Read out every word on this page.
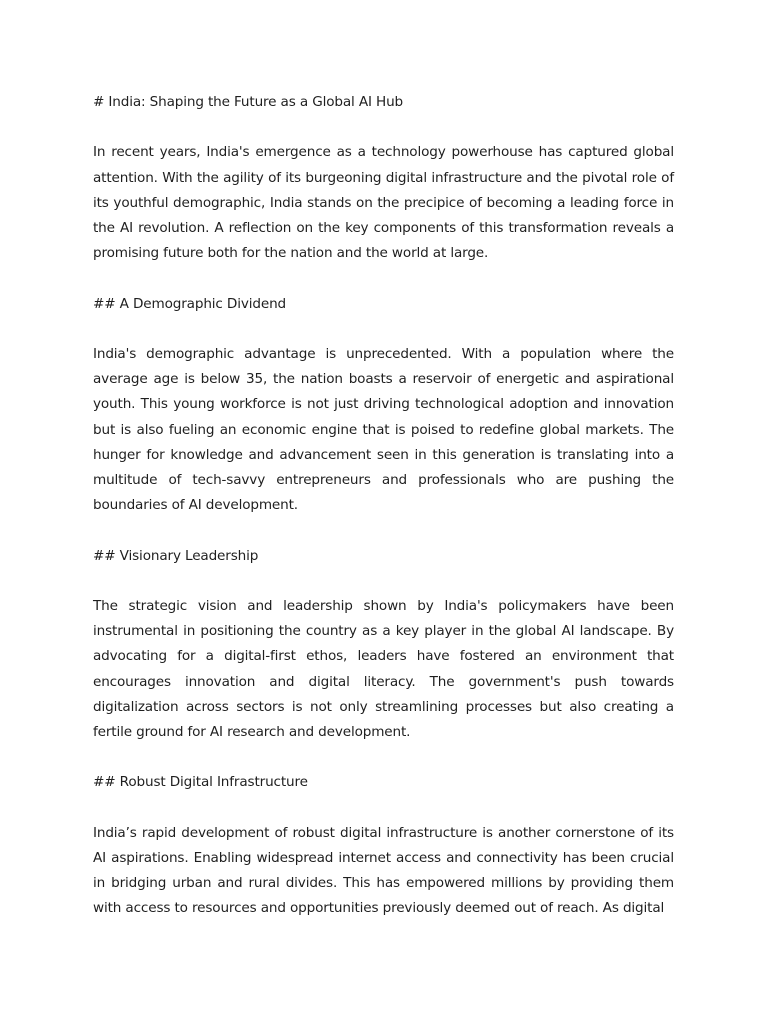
# India: Shaping the Future as a Global AI Hub

In recent years, India's emergence as a technology powerhouse has captured global attention. With the agility of its burgeoning digital infrastructure and the pivotal role of its youthful demographic, India stands on the precipice of becoming a leading force in the AI revolution. A reflection on the key components of this transformation reveals a promising future both for the nation and the world at large.

## A Demographic Dividend

India's demographic advantage is unprecedented. With a population where the average age is below 35, the nation boasts a reservoir of energetic and aspirational youth. This young workforce is not just driving technological adoption and innovation but is also fueling an economic engine that is poised to redefine global markets. The hunger for knowledge and advancement seen in this generation is translating into a multitude of tech-savvy entrepreneurs and professionals who are pushing the boundaries of AI development.

## Visionary Leadership

The strategic vision and leadership shown by India's policymakers have been instrumental in positioning the country as a key player in the global AI landscape. By advocating for a digital-first ethos, leaders have fostered an environment that encourages innovation and digital literacy. The government's push towards digitalization across sectors is not only streamlining processes but also creating a fertile ground for AI research and development.

## Robust Digital Infrastructure

India’s rapid development of robust digital infrastructure is another cornerstone of its AI aspirations. Enabling widespread internet access and connectivity has been crucial in bridging urban and rural divides. This has empowered millions by providing them with access to resources and opportunities previously deemed out of reach. As digital
